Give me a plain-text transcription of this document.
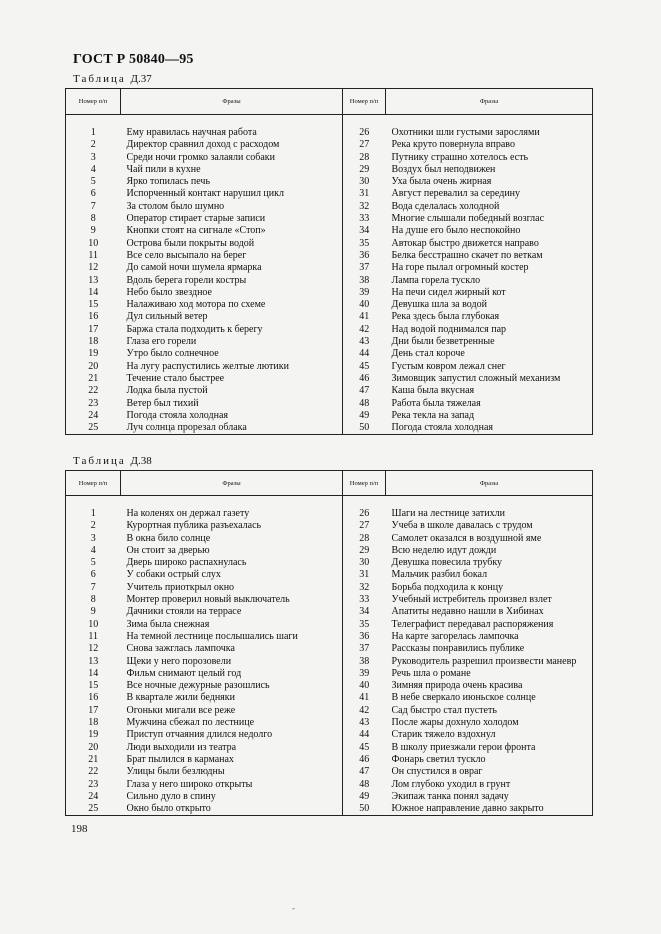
ГОСТ Р 50840—95
Таблица Д.37
Номер п/п	Фразы	Номер п/п	Фразы

1	Ему нравилась научная работа	26	Охотники шли густыми зарослями
2	Директор сравнил доход с расходом	27	Река круто повернула вправо
3	Среди ночи громко залаяли собаки	28	Путнику страшно хотелось есть
4	Чай пили в кухне	29	Воздух был неподвижен
5	Ярко топилась печь	30	Уха была очень жирная
6	Испорченный контакт нарушил цикл	31	Август перевалил за середину
7	За столом было шумно	32	Вода сделалась холодной
8	Оператор стирает старые записи	33	Многие слышали победный возглас
9	Кнопки стоят на сигнале «Стоп»	34	На душе его было неспокойно
10	Острова были покрыты водой	35	Автокар быстро движется направо
11	Все село высыпало на берег	36	Белка бесстрашно скачет по веткам
12	До самой ночи шумела ярмарка	37	На горе пылал огромный костер
13	Вдоль берега горели костры	38	Лампа горела тускло
14	Небо было звездное	39	На печи сидел жирный кот
15	Налаживаю ход мотора по схеме	40	Девушка шла за водой
16	Дул сильный ветер	41	Река здесь была глубокая
17	Баржа стала подходить к берегу	42	Над водой поднимался пар
18	Глаза его горели	43	Дни были безветренные
19	Утро было солнечное	44	День стал короче
20	На лугу распустились желтые лютики	45	Густым ковром лежал снег
21	Течение стало быстрее	46	Зимовщик запустил сложный механизм
22	Лодка была пустой	47	Каша была вкусная
23	Ветер был тихий	48	Работа была тяжелая
24	Погода стояла холодная	49	Река текла на запад
25	Луч солнца прорезал облака	50	Погода стояла холодная
Таблица Д.38
Номер п/п	Фразы	Номер п/п	Фразы

1	На коленях он держал газету	26	Шаги на лестнице затихли
2	Курортная публика разъехалась	27	Учеба в школе давалась с трудом
3	В окна било солнце	28	Самолет оказался в воздушной яме
4	Он стоит за дверью	29	Всю неделю идут дожди
5	Дверь широко распахнулась	30	Девушка повесила трубку
6	У собаки острый слух	31	Мальчик разбил бокал
7	Учитель приоткрыл окно	32	Борьба подходила к концу
8	Монтер проверил новый выключатель	33	Учебный истребитель произвел взлет
9	Дачники стояли на террасе	34	Апатиты недавно нашли в Хибинах
10	Зима была снежная	35	Телеграфист передавал распоряжения
11	На темной лестнице послышались шаги	36	На карте загорелась лампочка
12	Снова зажглась лампочка	37	Рассказы понравились публике
13	Щеки у него порозовели	38	Руководитель разрешил произвести маневр
14	Фильм снимают целый год	39	Речь шла о романе
15	Все ночные дежурные разошлись	40	Зимняя природа очень красива
16	В квартале жили бедняки	41	В небе сверкало июньское солнце
17	Огоньки мигали все реже	42	Сад быстро стал пустеть
18	Мужчина сбежал по лестнице	43	После жары дохнуло холодом
19	Приступ отчаяния длился недолго	44	Старик тяжело вздохнул
20	Люди выходили из театра	45	В школу приезжали герои фронта
21	Брат пылился в карманах	46	Фонарь светил тускло
22	Улицы были безлюдны	47	Он спустился в овраг
23	Глаза у него широко открыты	48	Лом глубоко уходил в грунт
24	Сильно дуло в спину	49	Экипаж танка понял задачу
25	Окно было открыто	50	Южное направление давно закрыто
198
-
